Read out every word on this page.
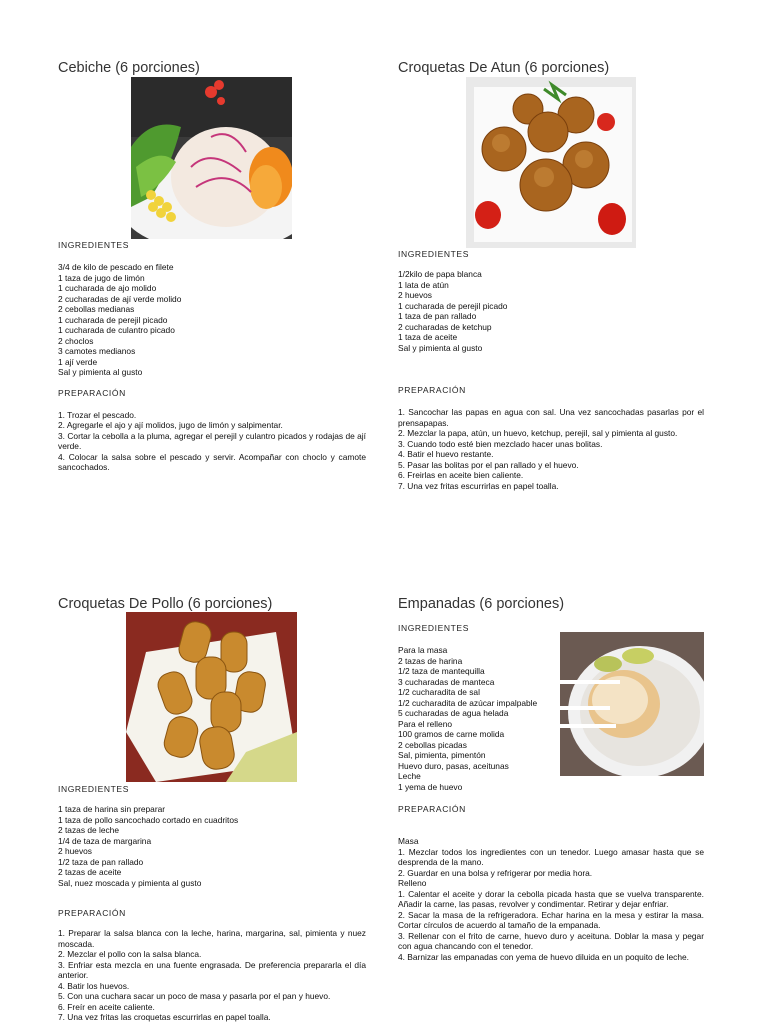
Cebiche (6 porciones)

INGREDIENTES

3/4 de kilo de pescado en filete
1 taza de jugo de limón
1 cucharada de ajo molido
2 cucharadas de ají verde molido
2 cebollas medianas
1 cucharada de perejil picado
1 cucharada de culantro picado
2 choclos
3 camotes medianos
1 ají verde
Sal y pimienta al gusto

PREPARACIÓN

1. Trozar el pescado.
2. Agregarle el ajo y ají molidos, jugo de limón y salpimentar.
3. Cortar la cebolla a la pluma, agregar el perejil y culantro picados y rodajas de ají verde.
4. Colocar la salsa sobre el pescado y servir. Acompañar con choclo y camote sancochados.
Croquetas De Atun (6 porciones)

INGREDIENTES

1/2kilo de papa blanca
1 lata de atún
2 huevos
1 cucharada de perejil picado
1 taza de pan rallado
2 cucharadas de ketchup
1 taza de aceite
Sal y pimienta al gusto

PREPARACIÓN

1. Sancochar las papas en agua con sal. Una vez sancochadas pasarlas por el prensapapas.
2. Mezclar la papa, atún, un huevo, ketchup, perejil, sal y pimienta al gusto.
3. Cuando todo esté bien mezclado hacer unas bolitas.
4. Batir el huevo restante.
5. Pasar las bolitas por el pan rallado y el huevo.
6. Freirlas en aceite bien caliente.
7. Una vez fritas escurrirlas en papel toalla.
Croquetas De Pollo (6 porciones)

INGREDIENTES

1 taza de harina sin preparar
1 taza de pollo sancochado cortado en cuadritos
2 tazas de leche
1/4 de taza de margarina
2 huevos
1/2 taza de pan rallado
2 tazas de aceite
Sal, nuez moscada y pimienta al gusto

PREPARACIÓN

1. Preparar la salsa blanca con la leche, harina, margarina, sal, pimienta y nuez moscada.
2. Mezclar el pollo con la salsa blanca.
3. Enfriar esta mezcla en una fuente engrasada. De preferencia prepararla el día anterior.
4. Batir los huevos.
5. Con una cuchara sacar un poco de masa y pasarla por el pan y huevo.
6. Freír en aceite caliente.
7. Una vez fritas las croquetas escurrirlas en papel toalla.
Empanadas (6 porciones)

INGREDIENTES

Para la masa
2 tazas de harina
1/2 taza de mantequilla
3 cucharadas de manteca
1/2 cucharadita de sal
1/2 cucharadita de azúcar impalpable
5 cucharadas de agua helada
Para el relleno
100 gramos de carne molida
2 cebollas picadas
Sal, pimienta, pimentón
Huevo duro, pasas, aceitunas
Leche
1 yema de huevo

PREPARACIÓN

Masa
1. Mezclar todos los ingredientes con un tenedor. Luego amasar hasta que se desprenda de la mano.
2. Guardar en una bolsa y refrigerar por media hora.
Relleno
1. Calentar el aceite y dorar la cebolla picada hasta que se vuelva transparente. Añadir la carne, las pasas, revolver y condimentar. Retirar y dejar enfriar.
2. Sacar la masa de la refrigeradora. Echar harina en la mesa y estirar la masa. Cortar círculos de acuerdo al tamaño de la empanada.
3. Rellenar con el frito de carne, huevo duro y aceituna. Doblar la masa y pegar con agua chancando con el tenedor.
4. Barnizar las empanadas con yema de huevo diluida en un poquito de leche.
